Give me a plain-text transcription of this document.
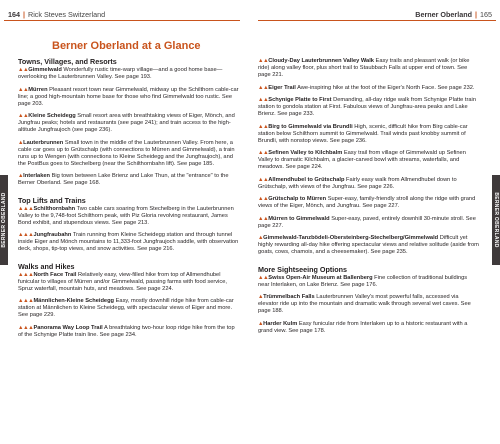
164 | Rick Steves Switzerland	Berner Oberland | 165
BERNER OBERLAND	BERNER OBERLAND
Berner Oberland at a Glance
Towns, Villages, and Resorts
▲▲Gimmelwald Wonderfully rustic time-warp village—and a good home base—overlooking the Lauterbrunnen Valley. See page 193.
▲▲Mürren Pleasant resort town near Gimmelwald, midway up the Schilthorn cable-car line; a good high-mountain home base for those who find Gimmelwald too rustic. See page 203.
▲▲Kleine Scheidegg Small resort area with breathtaking views of Eiger, Mönch, and Jungfrau peaks; hotels and restaurants (see page 241); and train access to the high-altitude Jungfraujoch (see page 236).
▲Lauterbrunnen Small town in the middle of the Lauterbrunnen Valley. From here, a cable car goes up to Grütschalp (with connections to Mürren and Gimmelwald), a train runs up to Wengen (with connections to Kleine Scheidegg and the Jungfraujoch), and the PostBus goes to Stechelberg (near the Schilthornbahn lift). See page 185.
▲Interlaken Big town between Lake Brienz and Lake Thun, at the "entrance" to the Berner Oberland. See page 168.
Top Lifts and Trains
▲▲▲Schilthornbahn Two cable cars soaring from Stechelberg in the Lauterbrunnen Valley to the 9,748-foot Schilthorn peak, with Piz Gloria revolving restaurant, James Bond exhibit, and stupendous views. See page 213.
▲▲▲Jungfraubahn Train running from Kleine Scheidegg station and through tunnel inside Eiger and Mönch mountains to 11,333-foot Jungfraujoch saddle, with observation deck, shops, tip-top views, and snow activities. See page 216.
Walks and Hikes
▲▲▲North Face Trail Relatively easy, view-filled hike from top of Allmendhubel funicular to villages of Mürren and/or Gimmelwald, passing farms with food service, Spruz waterfall, mountain huts, and meadows. See page 224.
▲▲▲Männlichen-Kleine Scheidegg Easy, mostly downhill ridge hike from cable-car station at Männlichen to Kleine Scheidegg, with spectacular views of Eiger and more. See page 229.
▲▲▲Panorama Way Loop Trail A breathtaking two-hour loop ridge hike from the top of the Schynige Platte train line. See page 234.
▲▲Cloudy-Day Lauterbrunnen Valley Walk Easy trails and pleasant walk (or bike ride) along valley floor, plus short trail to Staubbach Falls at upper end of town. See page 221.
▲▲Eiger Trail Awe-inspiring hike at the foot of the Eiger's North Face. See page 232.
▲▲Schynige Platte to First Demanding, all-day ridge walk from Schynige Platte train station to gondola station at First. Fabulous views of Jungfrau-area peaks and Lake Brienz. See page 233.
▲▲Birg to Gimmelwald via Brundli High, scenic, difficult hike from Birg cable-car station below Schilthorn summit to Gimmelwald. Trail winds past knobby summit of Brundli, with nonstop views. See page 236.
▲▲Sefinen Valley to Kilchbalm Easy trail from village of Gimmelwald up Sefinen Valley to dramatic Kilchbalm, a glacier-carved bowl with streams, waterfalls, and meadows. See page 224.
▲▲Allmendhubel to Grütschalp Fairly easy walk from Allmendhubel down to Grütschalp, with views of the Jungfrau. See page 226.
▲▲Grütschalp to Mürren Super-easy, family-friendly stroll along the ridge with grand views of the Eiger, Mönch, and Jungfrau. See page 227.
▲▲Mürren to Gimmelwald Super-easy, paved, entirely downhill 30-minute stroll. See page 227.
▲Gimmelwald-Tanzbödeli-Obersteinberg-Stechelberg/Gimmelwald Difficult yet highly rewarding all-day hike offering spectacular views and relative solitude (aside from goats, cows, chamois, and a cheesemaker). See page 235.
More Sightseeing Options
▲▲Swiss Open-Air Museum at Ballenberg Fine collection of traditional buildings near Interlaken, on Lake Brienz. See page 176.
▲Trümmelbach Falls Lauterbrunnen Valley's most powerful falls, accessed via elevator ride up into the mountain and dramatic walk through several wet caves. See page 188.
▲Harder Kulm Easy funicular ride from Interlaken up to a historic restaurant with a grand view. See page 178.
